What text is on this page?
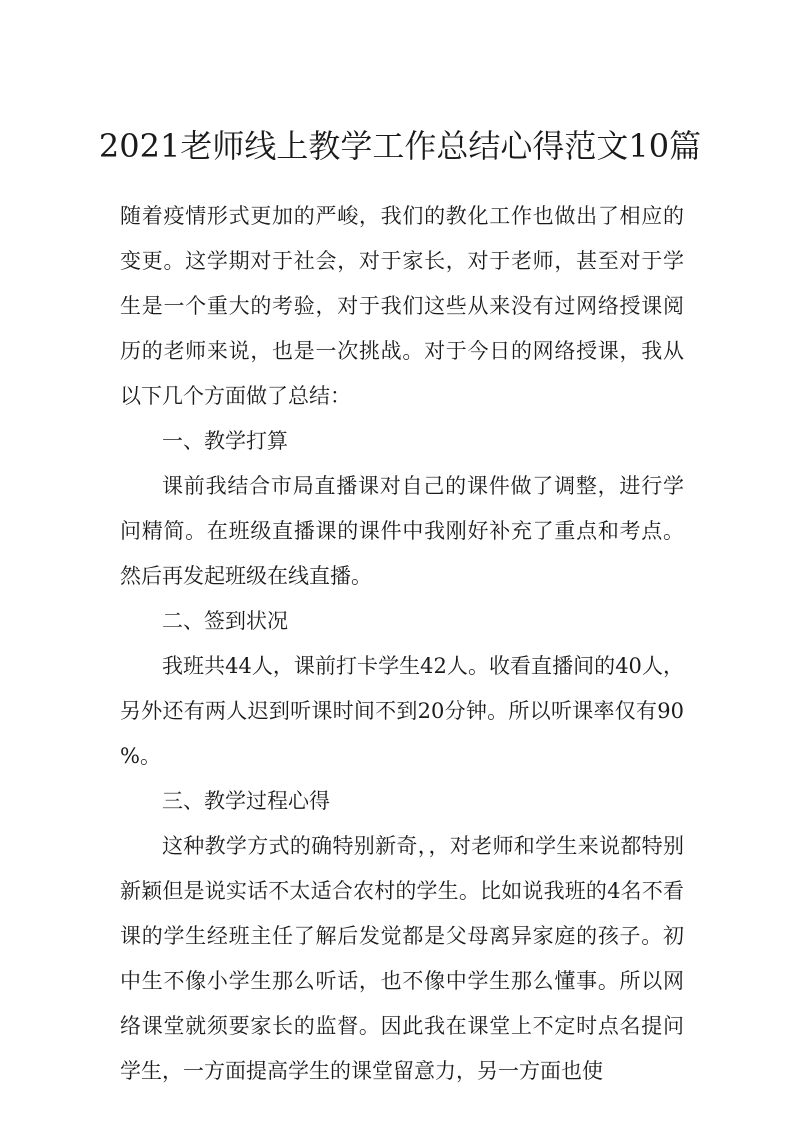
2021老师线上教学工作总结心得范文10篇

随着疫情形式更加的严峻，我们的教化工作也做出了相应的变更。这学期对于社会，对于家长，对于老师，甚至对于学生是一个重大的考验，对于我们这些从来没有过网络授课阅历的老师来说，也是一次挑战。对于今日的网络授课，我从以下几个方面做了总结：

一、教学打算

课前我结合市局直播课对自己的课件做了调整，进行学问精简。在班级直播课的课件中我刚好补充了重点和考点。然后再发起班级在线直播。

二、签到状况

我班共44人，课前打卡学生42人。收看直播间的40人，另外还有两人迟到听课时间不到20分钟。所以听课率仅有90%。

三、教学过程心得

这种教学方式的确特别新奇，，对老师和学生来说都特别新颖但是说实话不太适合农村的学生。比如说我班的4名不看课的学生经班主任了解后发觉都是父母离异家庭的孩子。初中生不像小学生那么听话，也不像中学生那么懂事。所以网络课堂就须要家长的监督。因此我在课堂上不定时点名提问学生，一方面提高学生的课堂留意力，另一方面也使
